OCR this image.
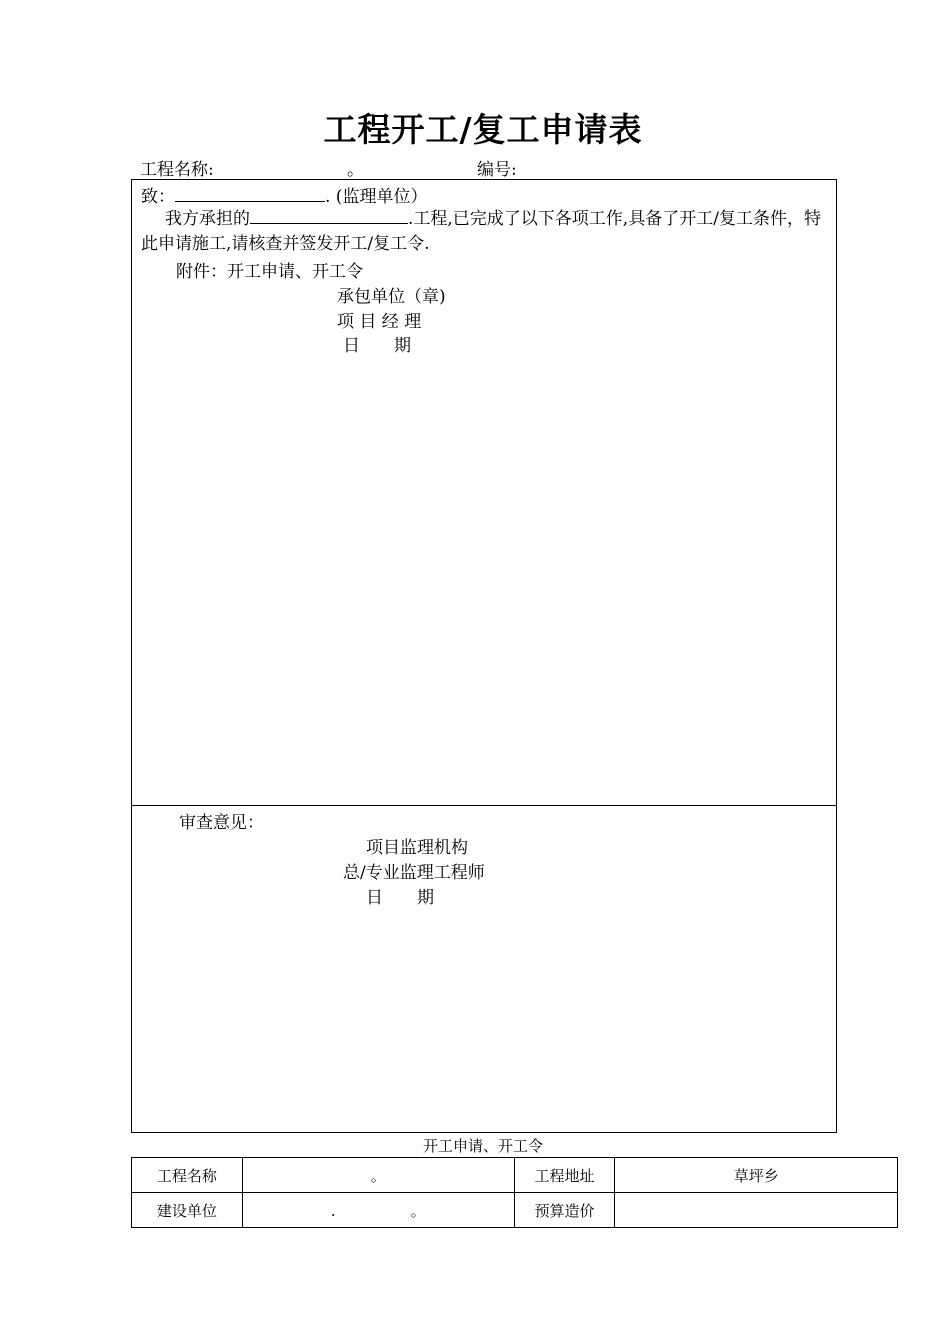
工程开工/复工申请表
工程名称:	。	编号:
致：	. (监理单位）
我方承担的	.工程,已完成了以下各项工作,具备了开工/复工条件，特此申请施工,请核查并签发开工/复工令.
附件：开工申请、开工令
承包单位（章)
项 目 经 理
日　　期
审查意见：
项目监理机构
总/专业监理工程师
日　　期
开工申请、开工令
工程名称	。	工程地址	草坪乡
建设单位	.　　　　　。	预算造价	
